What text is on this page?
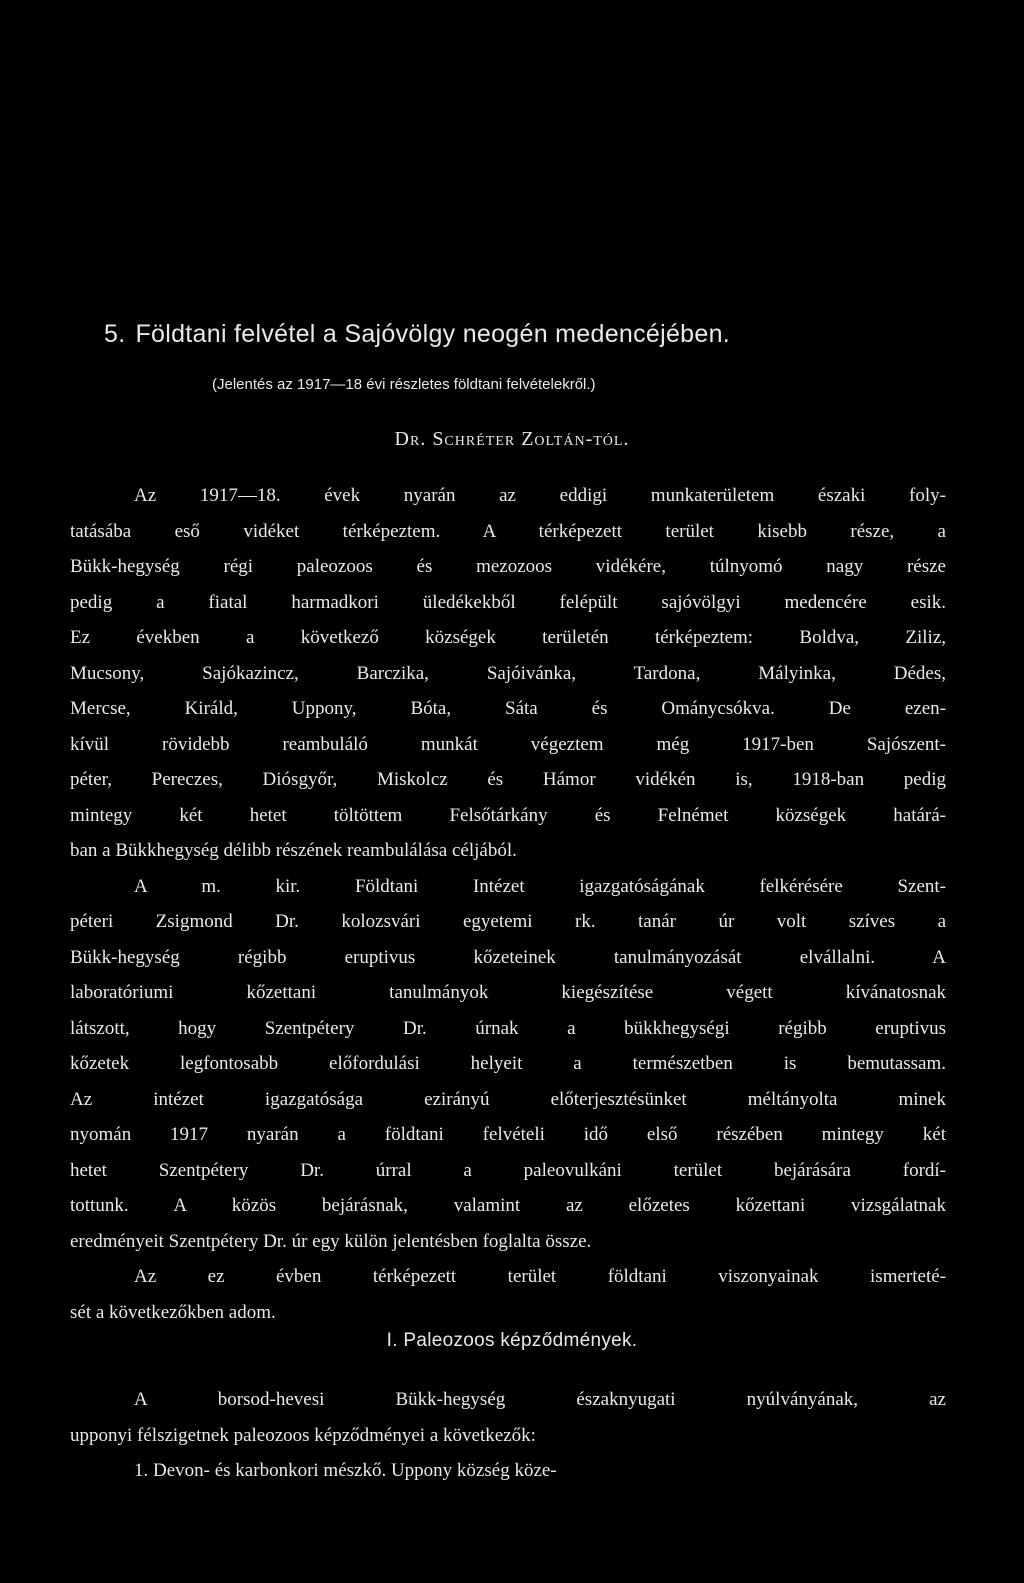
5. Földtani felvétel a Sajóvölgy neogén medencéjében.
(Jelentés az 1917—18 évi részletes földtani felvételekről.)
Dr. Schréter Zoltán-tól.
Az 1917—18. évek nyarán az eddigi munkaterületem északi foly-
tatásába eső vidéket térképeztem. A térképezett terület kisebb része, a
Bükk-hegység régi paleozoos és mezozoos vidékére, túlnyomó nagy része
pedig a fiatal harmadkori üledékekből felépült sajóvölgyi medencére esik.
Ez években a következő községek területén térképeztem: Boldva, Ziliz,
Mucsony, Sajókazincz, Barczika, Sajóivánka, Tardona, Mályinka, Dédes,
Mercse, Királd, Uppony, Bóta, Sáta és Ománycsókva. De ezen-
kívül rövidebb reambuláló munkát végeztem még 1917-ben Sajószent-
péter, Pereczes, Diósgyőr, Miskolcz és Hámor vidékén is, 1918-ban pedig
mintegy két hetet töltöttem Felsőtárkány és Felnémet községek határá-
ban a Bükkhegység délibb részének reambulálása céljából.
A m. kir. Földtani Intézet igazgatóságának felkérésére Szent-
péteri Zsigmond Dr. kolozsvári egyetemi rk. tanár úr volt szíves a
Bükk-hegység régibb eruptivus kőzeteinek tanulmányozását elvállalni. A
laboratóriumi kőzettani tanulmányok kiegészítése végett kívánatosnak
látszott, hogy Szentpétery Dr. úrnak a bükkhegységi régibb eruptivus
kőzetek legfontosabb előfordulási helyeit a természetben is bemutassam.
Az intézet igazgatósága ezirányú előterjesztésünket méltányolta minek
nyomán 1917 nyarán a földtani felvételi idő első részében mintegy két
hetet Szentpétery Dr. úrral a paleovulkáni terület bejárására fordí-
tottunk. A közös bejárásnak, valamint az előzetes kőzettani vizsgálatnak
eredményeit Szentpétery Dr. úr egy külön jelentésben foglalta össze.
Az ez évben térképezett terület földtani viszonyainak ismerteté-
sét a következőkben adom.
I. Paleozoos képződmények.
A borsod-hevesi Bükk-hegység északnyugati nyúlványának, az
upponyi félszigetnek paleozoos képződményei a következők:
1. Devon- és karbonkori mészkő. Uppony község köze-
